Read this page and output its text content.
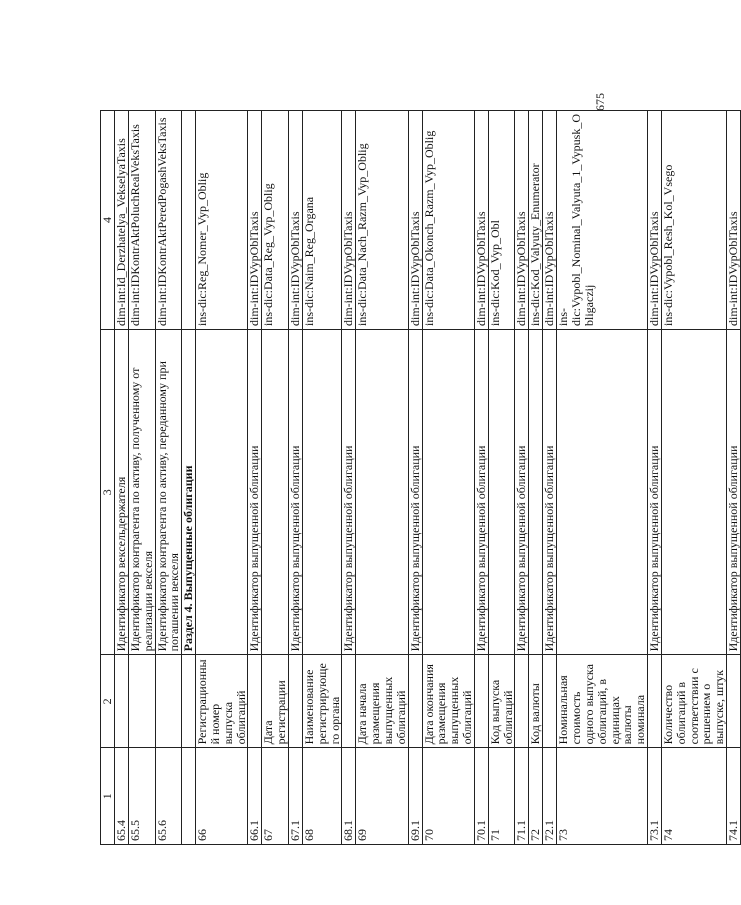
675
1	2	3	4
65.4		Идентификатор вексельдержателя	dim-int:Id_Derzhatelya_VekselyaTaxis
65.5		Идентификатор контрагента по активу, полученному от реализации векселя	dim-int:IDKontrAktPoluchRealVeksTaxis
65.6		Идентификатор контрагента по активу, переданному при погашении векселя	dim-int:IDKontrAktPeredPogashVeksTaxis
		Раздел 4. Выпущенные облигации	
66	Регистрационный номер выпуска облигаций		ins-dic:Reg_Nomer_Vyp_Oblig
66.1		Идентификатор выпущенной облигации	dim-int:IDVypOblTaxis
67	Дата регистрации		ins-dic:Data_Reg_Vyp_Oblig
67.1		Идентификатор выпущенной облигации	dim-int:IDVypOblTaxis
68	Наименование регистрирующего органа		ins-dic:Naim_Reg_Organa
68.1		Идентификатор выпущенной облигации	dim-int:IDVypOblTaxis
69	Дата начала размещения выпущенных облигаций		ins-dic:Data_Nach_Razm_Vyp_Oblig
69.1		Идентификатор выпущенной облигации	dim-int:IDVypOblTaxis
70	Дата окончания размещения выпущенных облигаций		ins-dic:Data_Okonch_Razm_Vyp_Oblig
70.1		Идентификатор выпущенной облигации	dim-int:IDVypOblTaxis
71	Код выпуска облигаций		ins-dic:Kod_Vyp_Obl
71.1		Идентификатор выпущенной облигации	dim-int:IDVypOblTaxis
72	Код валюты		ins-dic:Kod_Valyuty_Enumerator
72.1		Идентификатор выпущенной облигации	dim-int:IDVypOblTaxis
73	Номинальная стоимость одного выпуска облигаций, в единицах валюты номинала		ins-dic:Vypobl_Nominal_Valyuta_1_Vypusk_Obligaczij
73.1		Идентификатор выпущенной облигации	dim-int:IDVypOblTaxis
74	Количество облигаций в соответствии с решением о выпуске, штук		ins-dic:Vypobl_Resh_Kol_Vsego
74.1		Идентификатор выпущенной облигации	dim-int:IDVypOblTaxis
